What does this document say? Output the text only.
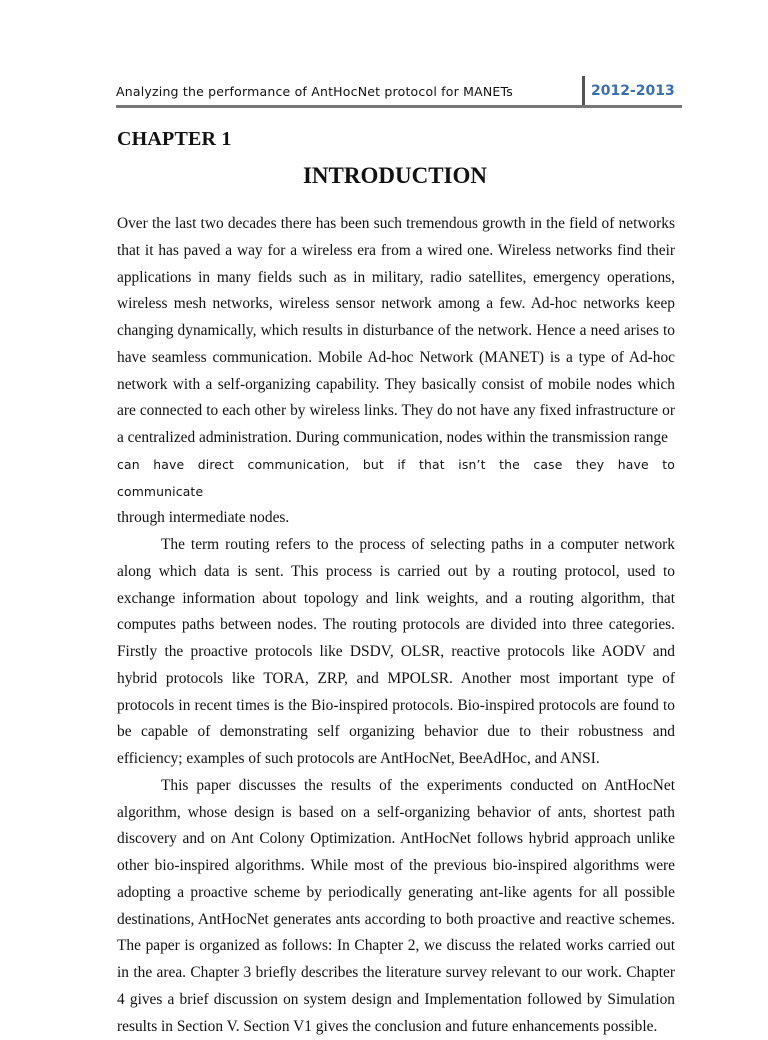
Analyzing the performance of AntHocNet protocol for MANETs	2012-2013
CHAPTER 1
INTRODUCTION

Over the last two decades there has been such tremendous growth in the field of networks that it has paved a way for a wireless era from a wired one. Wireless networks find their applications in many fields such as in military, radio satellites, emergency operations, wireless mesh networks, wireless sensor network among a few. Ad-hoc networks keep changing dynamically, which results in disturbance of the network. Hence a need arises to have seamless communication. Mobile Ad-hoc Network (MANET) is a type of Ad-hoc network with a self-organizing capability. They basically consist of mobile nodes which are connected to each other by wireless links. They do not have any fixed infrastructure or a centralized administration. During communication, nodes within the transmission range
can have direct communication, but if that isn’t the case they have to communicate
through intermediate nodes.

The term routing refers to the process of selecting paths in a computer network along which data is sent. This process is carried out by a routing protocol, used to exchange information about topology and link weights, and a routing algorithm, that computes paths between nodes. The routing protocols are divided into three categories. Firstly the proactive protocols like DSDV, OLSR, reactive protocols like AODV and hybrid protocols like TORA, ZRP, and MPOLSR. Another most important type of protocols in recent times is the Bio-inspired protocols. Bio-inspired protocols are found to be capable of demonstrating self organizing behavior due to their robustness and efficiency; examples of such protocols are AntHocNet, BeeAdHoc, and ANSI.

This paper discusses the results of the experiments conducted on AntHocNet algorithm, whose design is based on a self-organizing behavior of ants, shortest path discovery and on Ant Colony Optimization. AntHocNet follows hybrid approach unlike other bio-inspired algorithms. While most of the previous bio-inspired algorithms were adopting a proactive scheme by periodically generating ant-like agents for all possible destinations, AntHocNet generates ants according to both proactive and reactive schemes. The paper is organized as follows: In Chapter 2, we discuss the related works carried out in the area. Chapter 3 briefly describes the literature survey relevant to our work. Chapter 4 gives a brief discussion on system design and Implementation followed by Simulation results in Section V. Section V1 gives the conclusion and future enhancements possible.
